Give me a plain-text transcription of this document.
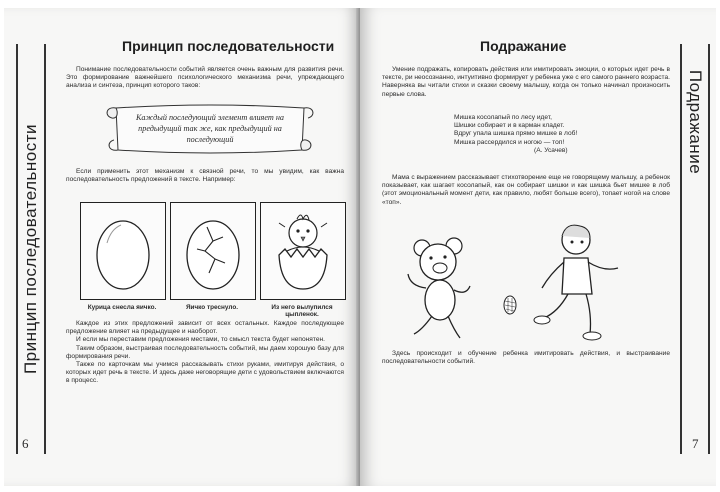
Принцип последовательности
Принцип последовательности

Понимание последовательности событий является очень важным для развития речи. Это формирование важнейшего психологического механизма речи, упреждающего анализа и синтеза, принцип которого таков:

Каждый последующий элемент влияет на предыдущий так же, как предыдущий на последующий

Если применить этот механизм к связной речи, то мы увидим, как важна последовательность предложений в тексте. Например:

Курица снесла яичко.	Яичко треснуло.	Из него вылупился цыпленок.

Каждое из этих предложений зависит от всех остальных. Каждое последующее предложение влияет на предыдущее и наоборот.

И если мы переставим предложения местами, то смысл текста будет непонятен.

Таким образом, выстраивая последовательность событий, мы даем хорошую базу для формирования речи.

Также по карточкам мы учимся рассказывать стихи руками, имитируя действия, о которых идет речь в тексте. И здесь даже неговорящие дети с удовольствием включаются в процесс.

6
Подражание
Подражание

Умение подражать, копировать действия или имитировать эмоции, о которых идет речь в тексте, ри неосознанно, интуитивно формирует у ребенка уже с его самого раннего возраста. Наверняка вы читали стихи и сказки своему малышу, когда он только начинал произносить первые слова.

Мишка косолапый по лесу идет,
Шишки собирает и в карман кладет.
Вдруг упала шишка прямо мишке в лоб!
Мишка рассердился и ногою — топ!
(А. Усачев)

Мама с выражением рассказывает стихотворение еще не говорящему малышу, а ребенок показывает, как шагает косолапый, как он собирает шишки и как шишка бьет мишке в лоб (этот эмоциональный момент дети, как правило, любят больше всего), топает ногой на слове «топ».

Здесь происходит и обучение ребенка имитировать действия, и выстраивание последовательности событий.

7
